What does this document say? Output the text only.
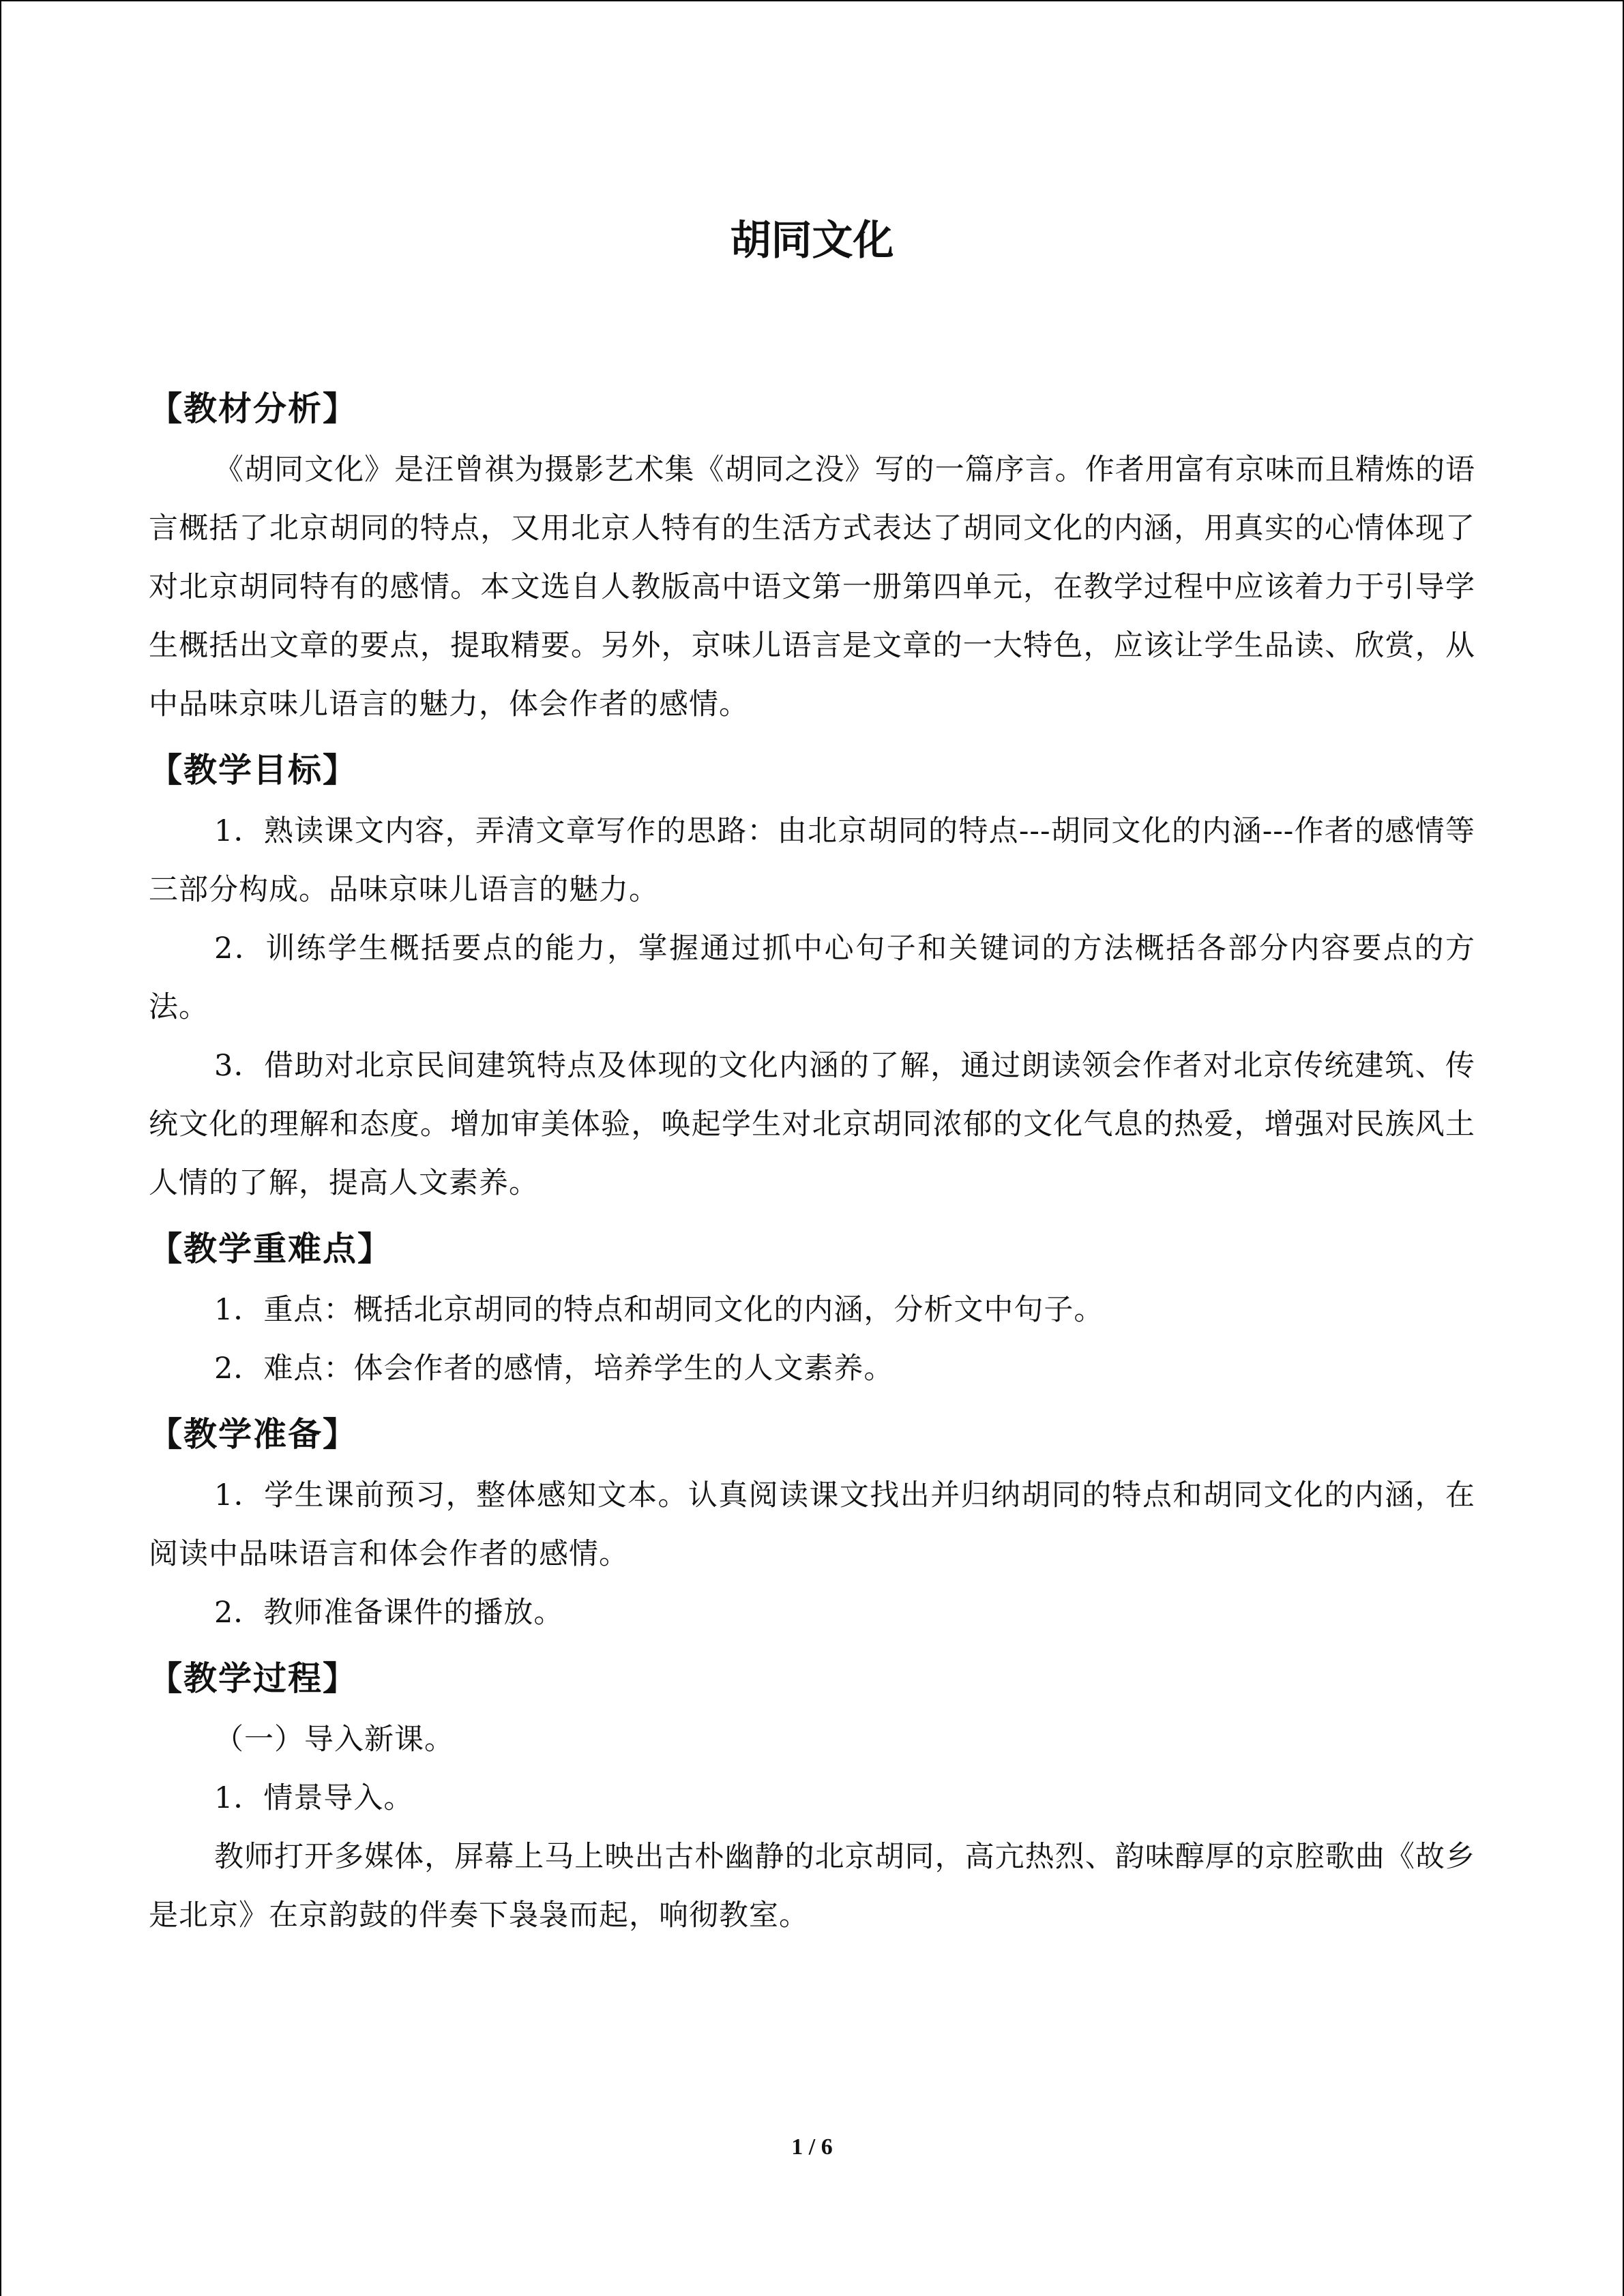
胡同文化
【教材分析】

《胡同文化》是汪曾祺为摄影艺术集《胡同之没》写的一篇序言。作者用富有京味而且精炼的语言概括了北京胡同的特点，又用北京人特有的生活方式表达了胡同文化的内涵，用真实的心情体现了对北京胡同特有的感情。本文选自人教版高中语文第一册第四单元，在教学过程中应该着力于引导学生概括出文章的要点，提取精要。另外，京味儿语言是文章的一大特色，应该让学生品读、欣赏，从中品味京味儿语言的魅力，体会作者的感情。

【教学目标】

1．熟读课文内容，弄清文章写作的思路：由北京胡同的特点---胡同文化的内涵---作者的感情等三部分构成。品味京味儿语言的魅力。

2．训练学生概括要点的能力，掌握通过抓中心句子和关键词的方法概括各部分内容要点的方法。

3．借助对北京民间建筑特点及体现的文化内涵的了解，通过朗读领会作者对北京传统建筑、传统文化的理解和态度。增加审美体验，唤起学生对北京胡同浓郁的文化气息的热爱，增强对民族风土人情的了解，提高人文素养。

【教学重难点】

1．重点：概括北京胡同的特点和胡同文化的内涵，分析文中句子。

2．难点：体会作者的感情，培养学生的人文素养。

【教学准备】

1．学生课前预习，整体感知文本。认真阅读课文找出并归纳胡同的特点和胡同文化的内涵，在阅读中品味语言和体会作者的感情。

2．教师准备课件的播放。

【教学过程】

（一）导入新课。

1．情景导入。

教师打开多媒体，屏幕上马上映出古朴幽静的北京胡同，高亢热烈、韵味醇厚的京腔歌曲《故乡是北京》在京韵鼓的伴奏下袅袅而起，响彻教室。

1 / 6
